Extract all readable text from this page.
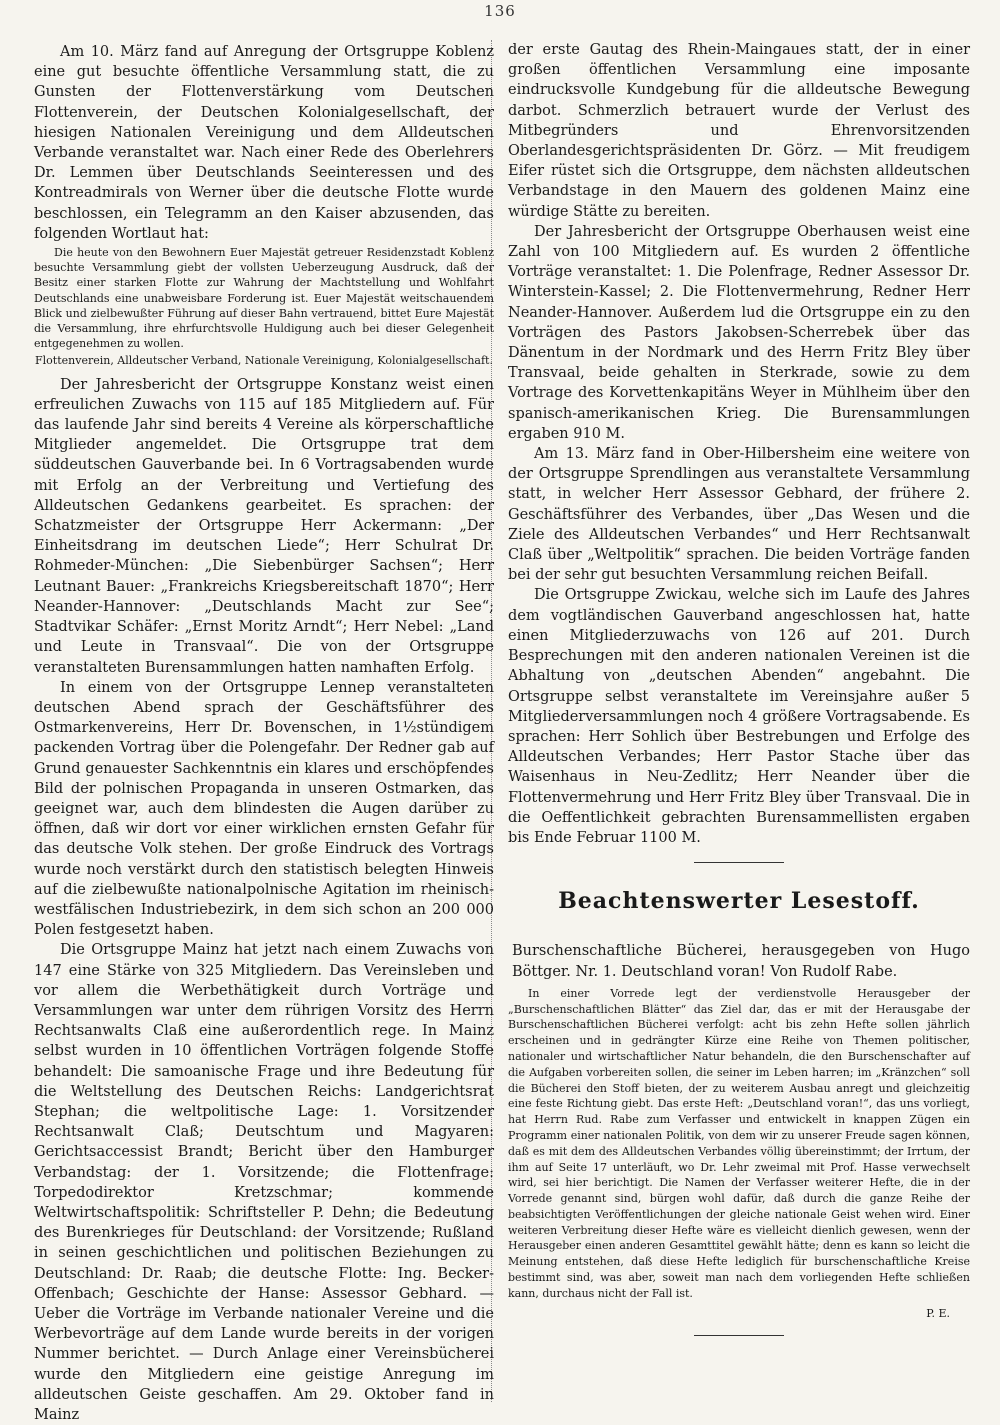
136

Am 10. März fand auf Anregung der Ortsgruppe Koblenz eine gut besuchte öffentliche Versammlung statt, die zu Gunsten der Flottenverstärkung vom Deutschen Flottenverein, der Deutschen Kolonialgesellschaft, der hiesigen Nationalen Vereinigung und dem Alldeutschen Verbande veranstaltet war. Nach einer Rede des Oberlehrers Dr. Lemmen über Deutschlands Seeinteressen und des Kontreadmirals von Werner über die deutsche Flotte wurde beschlossen, ein Telegramm an den Kaiser abzusenden, das folgenden Wortlaut hat:

Die heute von den Bewohnern Euer Majestät getreuer Residenzstadt Koblenz besuchte Versammlung giebt der vollsten Ueberzeugung Ausdruck, daß der Besitz einer starken Flotte zur Wahrung der Machtstellung und Wohlfahrt Deutschlands eine unabweisbare Forderung ist. Euer Majestät weitschauendem Blick und zielbewußter Führung auf dieser Bahn vertrauend, bittet Eure Majestät die Versammlung, ihre ehrfurchtsvolle Huldigung auch bei dieser Gelegenheit entgegenehmen zu wollen.

Flottenverein, Alldeutscher Verband, Nationale Vereinigung, Kolonialgesellschaft.

Der Jahresbericht der Ortsgruppe Konstanz weist einen erfreulichen Zuwachs von 115 auf 185 Mitgliedern auf. Für das laufende Jahr sind bereits 4 Vereine als körperschaftliche Mitglieder angemeldet. Die Ortsgruppe trat dem süddeutschen Gauverbande bei. In 6 Vortragsabenden wurde mit Erfolg an der Verbreitung und Vertiefung des Alldeutschen Gedankens gearbeitet. Es sprachen: der Schatzmeister der Ortsgruppe Herr Ackermann: „Der Einheitsdrang im deutschen Liede“; Herr Schulrat Dr. Rohmeder-München: „Die Siebenbürger Sachsen“; Herr Leutnant Bauer: „Frankreichs Kriegsbereitschaft 1870“; Herr Neander-Hannover: „Deutschlands Macht zur See“; Stadtvikar Schäfer: „Ernst Moritz Arndt“; Herr Nebel: „Land und Leute in Transvaal“. Die von der Ortsgruppe veranstalteten Burensammlungen hatten namhaften Erfolg.

In einem von der Ortsgruppe Lennep veranstalteten deutschen Abend sprach der Geschäftsführer des Ostmarkenvereins, Herr Dr. Bovenschen, in 1½stündigem packenden Vortrag über die Polengefahr. Der Redner gab auf Grund genauester Sachkenntnis ein klares und erschöpfendes Bild der polnischen Propaganda in unseren Ostmarken, das geeignet war, auch dem blindesten die Augen darüber zu öffnen, daß wir dort vor einer wirklichen ernsten Gefahr für das deutsche Volk stehen. Der große Eindruck des Vortrags wurde noch verstärkt durch den statistisch belegten Hinweis auf die zielbewußte nationalpolnische Agitation im rheinisch-westfälischen Industriebezirk, in dem sich schon an 200 000 Polen festgesetzt haben.

Die Ortsgruppe Mainz hat jetzt nach einem Zuwachs von 147 eine Stärke von 325 Mitgliedern. Das Vereinsleben und vor allem die Werbethätigkeit durch Vorträge und Versammlungen war unter dem rührigen Vorsitz des Herrn Rechtsanwalts Claß eine außerordentlich rege. In Mainz selbst wurden in 10 öffentlichen Vorträgen folgende Stoffe behandelt: Die samoanische Frage und ihre Bedeutung für die Weltstellung des Deutschen Reichs: Landgerichtsrat Stephan; die weltpolitische Lage: 1. Vorsitzender Rechtsanwalt Claß; Deutschtum und Magyaren: Gerichtsaccessist Brandt; Bericht über den Hamburger Verbandstag: der 1. Vorsitzende; die Flottenfrage: Torpedodirektor Kretzschmar; kommende Weltwirtschaftspolitik: Schriftsteller P. Dehn; die Bedeutung des Burenkrieges für Deutschland: der Vorsitzende; Rußland in seinen geschichtlichen und politischen Beziehungen zu Deutschland: Dr. Raab; die deutsche Flotte: Ing. Becker-Offenbach; Geschichte der Hanse: Assessor Gebhard. — Ueber die Vorträge im Verbande nationaler Vereine und die Werbevorträge auf dem Lande wurde bereits in der vorigen Nummer berichtet. — Durch Anlage einer Vereinsbücherei wurde den Mitgliedern eine geistige Anregung im alldeutschen Geiste geschaffen. Am 29. Oktober fand in Mainz

der erste Gautag des Rhein-Maingaues statt, der in einer großen öffentlichen Versammlung eine imposante eindrucksvolle Kundgebung für die alldeutsche Bewegung darbot. Schmerzlich betrauert wurde der Verlust des Mitbegründers und Ehrenvorsitzenden Oberlandesgerichtspräsidenten Dr. Görz. — Mit freudigem Eifer rüstet sich die Ortsgruppe, dem nächsten alldeutschen Verbandstage in den Mauern des goldenen Mainz eine würdige Stätte zu bereiten.

Der Jahresbericht der Ortsgruppe Oberhausen weist eine Zahl von 100 Mitgliedern auf. Es wurden 2 öffentliche Vorträge veranstaltet: 1. Die Polenfrage, Redner Assessor Dr. Winterstein-Kassel; 2. Die Flottenvermehrung, Redner Herr Neander-Hannover. Außerdem lud die Ortsgruppe ein zu den Vorträgen des Pastors Jakobsen-Scherrebek über das Dänentum in der Nordmark und des Herrn Fritz Bley über Transvaal, beide gehalten in Sterkrade, sowie zu dem Vortrage des Korvettenkapitäns Weyer in Mühlheim über den spanisch-amerikanischen Krieg. Die Burensammlungen ergaben 910 M.

Am 13. März fand in Ober-Hilbersheim eine weitere von der Ortsgruppe Sprendlingen aus veranstaltete Versammlung statt, in welcher Herr Assessor Gebhard, der frühere 2. Geschäftsführer des Verbandes, über „Das Wesen und die Ziele des Alldeutschen Verbandes“ und Herr Rechtsanwalt Claß über „Weltpolitik“ sprachen. Die beiden Vorträge fanden bei der sehr gut besuchten Versammlung reichen Beifall.

Die Ortsgruppe Zwickau, welche sich im Laufe des Jahres dem vogtländischen Gauverband angeschlossen hat, hatte einen Mitgliederzuwachs von 126 auf 201. Durch Besprechungen mit den anderen nationalen Vereinen ist die Abhaltung von „deutschen Abenden“ angebahnt. Die Ortsgruppe selbst veranstaltete im Vereinsjahre außer 5 Mitgliederversammlungen noch 4 größere Vortragsabende. Es sprachen: Herr Sohlich über Bestrebungen und Erfolge des Alldeutschen Verbandes; Herr Pastor Stache über das Waisenhaus in Neu-Zedlitz; Herr Neander über die Flottenvermehrung und Herr Fritz Bley über Transvaal. Die in die Oeffentlichkeit gebrachten Burensammellisten ergaben bis Ende Februar 1100 M.

Beachtenswerter Lesestoff.

Burschenschaftliche Bücherei, herausgegeben von Hugo Böttger. Nr. 1. Deutschland voran! Von Rudolf Rabe.

In einer Vorrede legt der verdienstvolle Herausgeber der „Burschenschaftlichen Blätter“ das Ziel dar, das er mit der Herausgabe der Burschenschaftlichen Bücherei verfolgt: acht bis zehn Hefte sollen jährlich erscheinen und in gedrängter Kürze eine Reihe von Themen politischer, nationaler und wirtschaftlicher Natur behandeln, die den Burschenschafter auf die Aufgaben vorbereiten sollen, die seiner im Leben harren; im „Kränzchen“ soll die Bücherei den Stoff bieten, der zu weiterem Ausbau anregt und gleichzeitig eine feste Richtung giebt. Das erste Heft: „Deutschland voran!“, das uns vorliegt, hat Herrn Rud. Rabe zum Verfasser und entwickelt in knappen Zügen ein Programm einer nationalen Politik, von dem wir zu unserer Freude sagen können, daß es mit dem des Alldeutschen Verbandes völlig übereinstimmt; der Irrtum, der ihm auf Seite 17 unterläuft, wo Dr. Lehr zweimal mit Prof. Hasse verwechselt wird, sei hier berichtigt. Die Namen der Verfasser weiterer Hefte, die in der Vorrede genannt sind, bürgen wohl dafür, daß durch die ganze Reihe der beabsichtigten Veröffentlichungen der gleiche nationale Geist wehen wird. Einer weiteren Verbreitung dieser Hefte wäre es vielleicht dienlich gewesen, wenn der Herausgeber einen anderen Gesamttitel gewählt hätte; denn es kann so leicht die Meinung entstehen, daß diese Hefte lediglich für burschenschaftliche Kreise bestimmt sind, was aber, soweit man nach dem vorliegenden Hefte schließen kann, durchaus nicht der Fall ist.

P. E.
